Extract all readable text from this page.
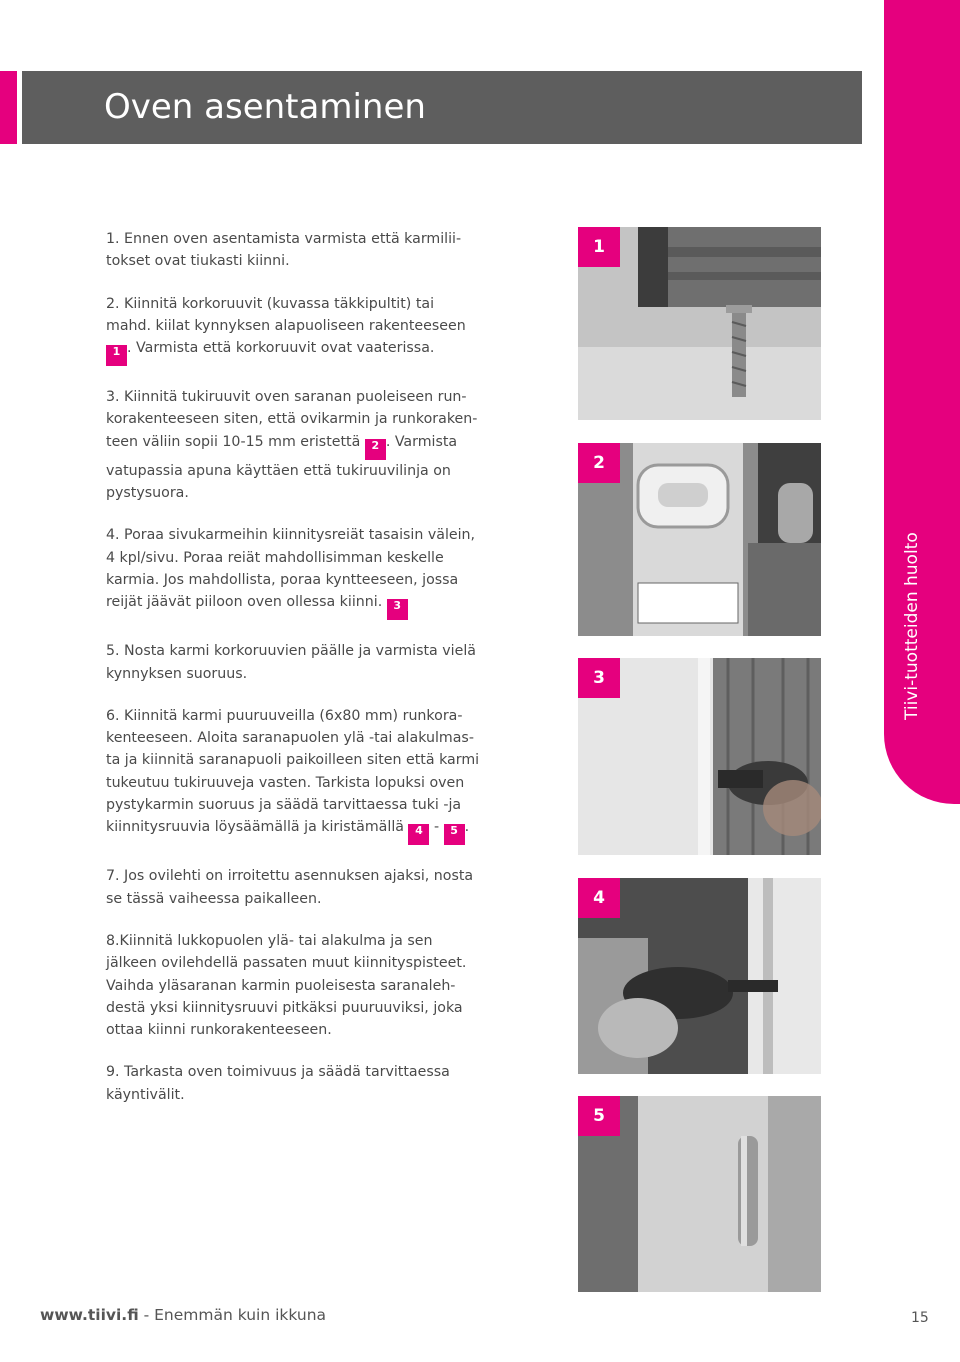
Oven asentaminen
Tiivi-tuotteiden huolto

1. Ennen oven asentamista varmista että karmilii-
tokset ovat tiukasti kiinni.

2. Kiinnitä korkoruuvit (kuvassa täkkipultit) tai
mahd. kiilat kynnyksen alapuoliseen rakenteeseen
1 . Varmista että korkoruuvit ovat vaaterissa.

3. Kiinnitä tukiruuvit oven saranan puoleiseen run-
korakenteeseen siten, että ovikarmin ja runkoraken-
teen väliin sopii 10-15 mm eristettä 2 . Varmista
vatupassia apuna käyttäen että tukiruuvilinja on
pystysuora.

4. Poraa sivukarmeihin kiinnitysreiät tasaisin välein,
4 kpl/sivu. Poraa reiät mahdollisimman keskelle
karmia. Jos mahdollista, poraa kyntteeseen, jossa
reijät jäävät piiloon oven ollessa kiinni. 3

5. Nosta karmi korkoruuvien päälle ja varmista vielä
kynnyksen suoruus.

6. Kiinnitä karmi puuruuveilla (6x80 mm) runkora-
kenteeseen. Aloita saranapuolen ylä -tai alakulmas-
ta ja kiinnitä saranapuoli paikoilleen siten että karmi
tukeutuu tukiruuveja vasten. Tarkista lopuksi oven
pystykarmin suoruus ja säädä tarvittaessa tuki -ja
kiinnitysruuvia löysäämällä ja kiristämällä 4 - 5 .

7. Jos ovilehti on irroitettu asennuksen ajaksi, nosta
se tässä vaiheessa paikalleen.

8.Kiinnitä lukkopuolen ylä- tai alakulma ja sen
jälkeen ovilehdellä passaten muut kiinnityspisteet.
Vaihda yläsaranan karmin puoleisesta saranaleh-
destä yksi kiinnitysruuvi pitkäksi puuruuviksi, joka
ottaa kiinni runkorakenteeseen.

9. Tarkasta oven toimivuus ja säädä tarvittaessa
käyntivälit.

1
2
3
4
5
www.tiivi.fi - Enemmän kuin ikkuna	15
